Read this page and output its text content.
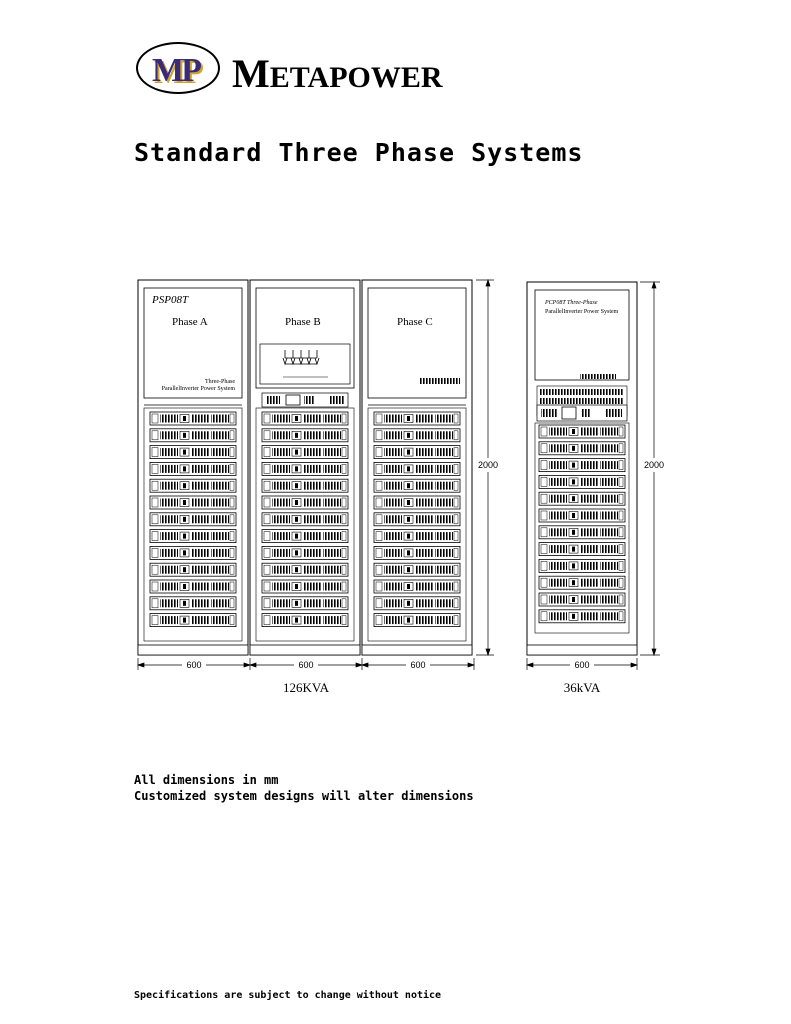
MP METAPOWER
Standard Three Phase Systems
PSP08T
Phase A	Phase B	Phase C
Three-Phase
ParallelInverter Power System
600	600	600
2000
126KVA
PCP08T Three-Phase
ParallelInverter Power System
600
2000
36kVA
All dimensions in mm
Customized system designs will alter dimensions
Specifications are subject to change without notice
